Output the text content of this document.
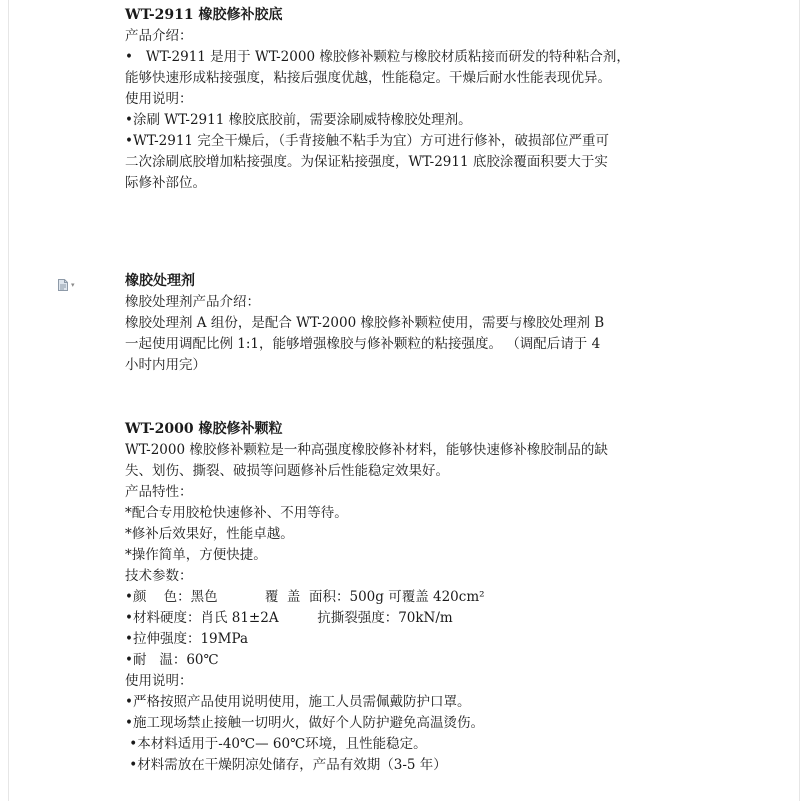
▾
WT-2911 橡胶修补胶底
产品介绍：
•   WT-2911 是用于 WT-2000 橡胶修补颗粒与橡胶材质粘接而研发的特种粘合剂，
能够快速形成粘接强度，粘接后强度优越，性能稳定。干燥后耐水性能表现优异。
使用说明：
•涂刷 WT-2911 橡胶底胶前，需要涂刷威特橡胶处理剂。
•WT-2911 完全干燥后，（手背接触不粘手为宜）方可进行修补，破损部位严重可
二次涂刷底胶增加粘接强度。为保证粘接强度，WT-2911 底胶涂覆面积要大于实
际修补部位。
橡胶处理剂
橡胶处理剂产品介绍：
橡胶处理剂 A 组份，是配合 WT-2000 橡胶修补颗粒使用，需要与橡胶处理剂 B
一起使用调配比例 1:1，能够增强橡胶与修补颗粒的粘接强度。 （调配后请于 4
小时内用完）
WT-2000 橡胶修补颗粒
WT-2000 橡胶修补颗粒是一种高强度橡胶修补材料，能够快速修补橡胶制品的缺
失、划伤、撕裂、破损等问题修补后性能稳定效果好。
产品特性：
*配合专用胶枪快速修补、不用等待。
*修补后效果好，性能卓越。
*操作简单，方便快捷。
技术参数：
•颜    色：黑色           覆  盖  面积：500g 可覆盖 420cm²
•材料硬度：肖氏 81±2A         抗撕裂强度：70kN/m
•拉伸强度：19MPa
•耐   温：60℃
使用说明：
•严格按照产品使用说明使用，施工人员需佩戴防护口罩。
•施工现场禁止接触一切明火，做好个人防护避免高温烫伤。
•本材料适用于-40℃— 60℃环境，且性能稳定。
•材料需放在干燥阴凉处储存，产品有效期（3-5 年）
